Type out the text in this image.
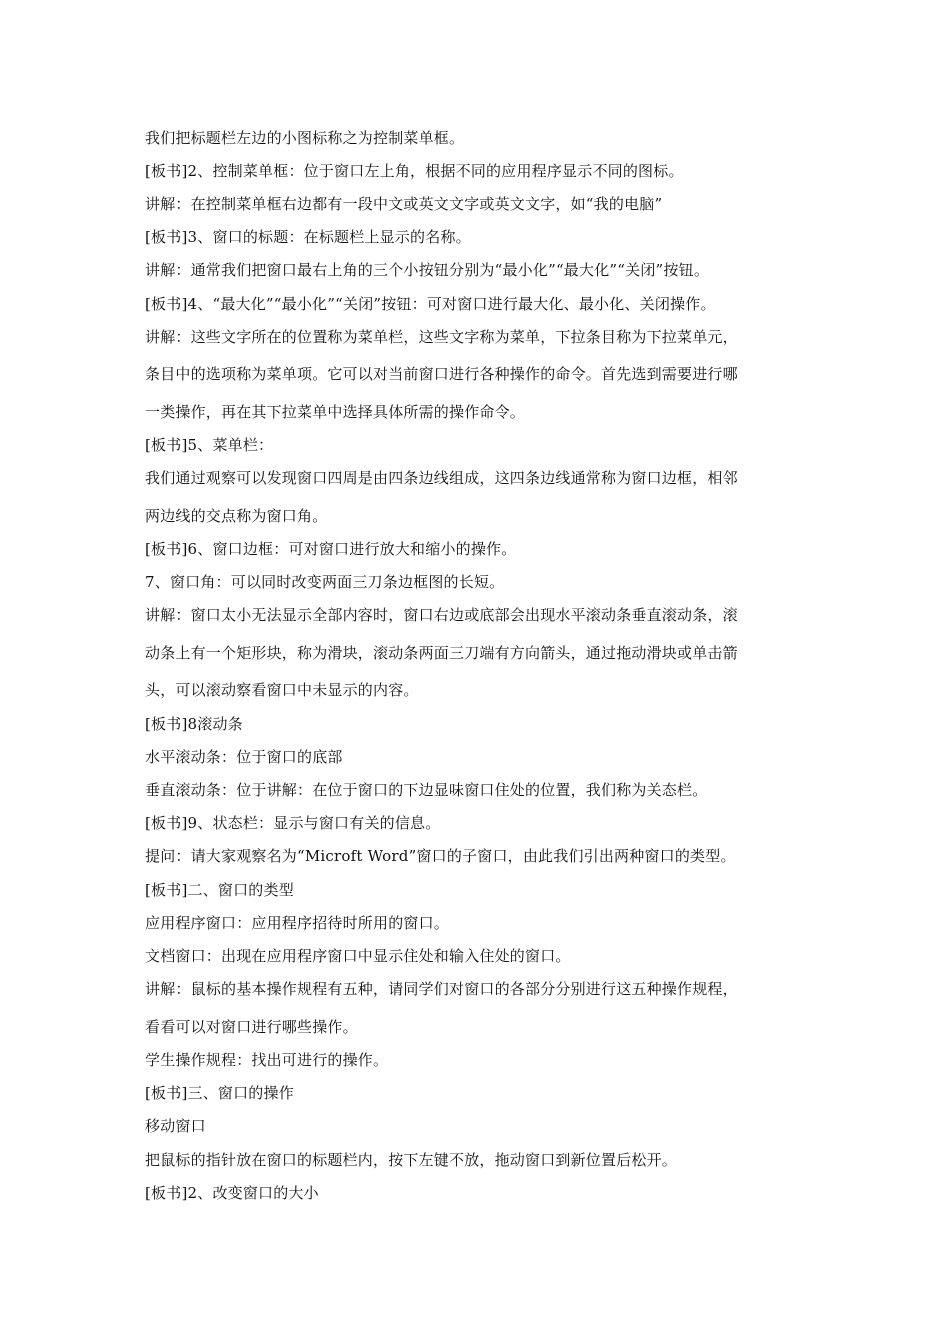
我们把标题栏左边的小图标称之为控制菜单框。
[板书]2、控制菜单框：位于窗口左上角，根据不同的应用程序显示不同的图标。
讲解：在控制菜单框右边都有一段中文或英文文字或英文文字，如“我的电脑”
[板书]3、窗口的标题：在标题栏上显示的名称。
讲解：通常我们把窗口最右上角的三个小按钮分别为“最小化”“最大化”“关闭”按钮。
[板书]4、“最大化”“最小化”“关闭”按钮：可对窗口进行最大化、最小化、关闭操作。
讲解：这些文字所在的位置称为菜单栏，这些文字称为菜单，下拉条目称为下拉菜单元，
条目中的选项称为菜单项。它可以对当前窗口进行各种操作的命令。首先选到需要进行哪
一类操作，再在其下拉菜单中选择具体所需的操作命令。
[板书]5、菜单栏：
我们通过观察可以发现窗口四周是由四条边线组成，这四条边线通常称为窗口边框，相邻
两边线的交点称为窗口角。
[板书]6、窗口边框：可对窗口进行放大和缩小的操作。
7、窗口角：可以同时改变两面三刀条边框图的长短。
讲解：窗口太小无法显示全部内容时，窗口右边或底部会出现水平滚动条垂直滚动条，滚
动条上有一个矩形块，称为滑块，滚动条两面三刀端有方向箭头，通过拖动滑块或单击箭
头，可以滚动察看窗口中未显示的内容。
[板书]8滚动条
水平滚动条：位于窗口的底部
垂直滚动条：位于讲解：在位于窗口的下边显味窗口住处的位置，我们称为关态栏。
[板书]9、状态栏：显示与窗口有关的信息。
提问：请大家观察名为“Microft Word”窗口的子窗口，由此我们引出两种窗口的类型。
[板书]二、窗口的类型
应用程序窗口：应用程序招待时所用的窗口。
文档窗口：出现在应用程序窗口中显示住处和输入住处的窗口。
讲解：鼠标的基本操作规程有五种，请同学们对窗口的各部分分别进行这五种操作规程，
看看可以对窗口进行哪些操作。
学生操作规程：找出可进行的操作。
[板书]三、窗口的操作
移动窗口
把鼠标的指针放在窗口的标题栏内，按下左键不放，拖动窗口到新位置后松开。
[板书]2、改变窗口的大小
